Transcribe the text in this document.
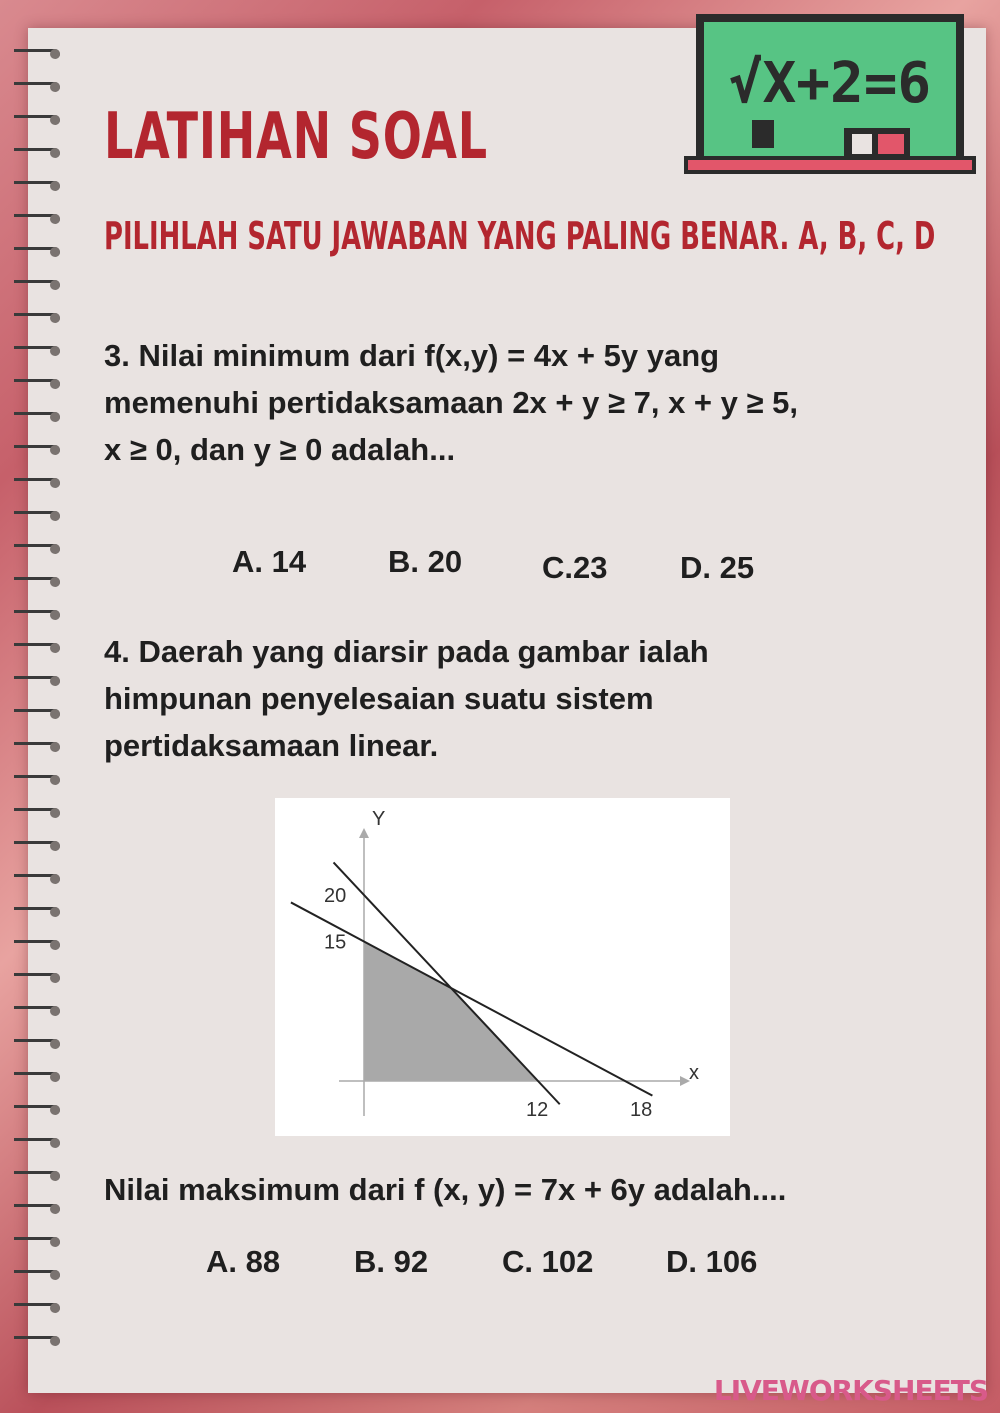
√X+2=6
LATIHAN SOAL

PILIHLAH SATU JAWABAN YANG PALING BENAR. A, B, C, D

3. Nilai minimum dari f(x,y) = 4x + 5y yang

memenuhi pertidaksamaan 2x + y ≥ 7, x + y ≥ 5,

x ≥ 0, dan y ≥ 0 adalah...

A. 14	B. 20	C.23 D. 25

4. Daerah yang diarsir pada gambar ialah

himpunan penyelesaian suatu sistem

pertidaksamaan linear.

Y
x
20
15
12	18

Nilai maksimum dari f (x, y) = 7x + 6y adalah....

A. 88 B. 92 C. 102 D. 106

LIVEWORKSHEETS
